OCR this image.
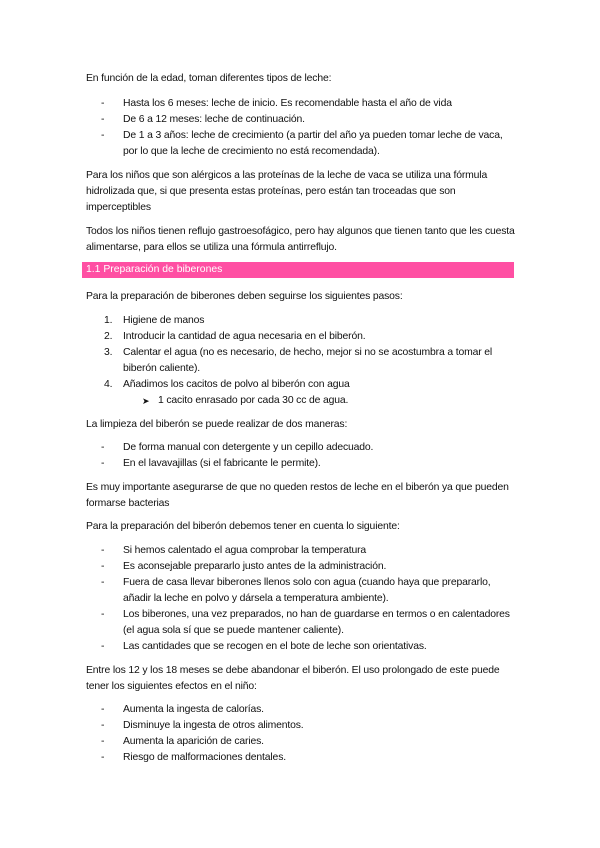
En función de la edad, toman diferentes tipos de leche:

- Hasta los 6 meses: leche de inicio. Es recomendable hasta el año de vida
- De 6 a 12 meses: leche de continuación.
- De 1 a 3 años: leche de crecimiento (a partir del año ya pueden tomar leche de vaca, por lo que la leche de crecimiento no está recomendada).

Para los niños que son alérgicos a las proteínas de la leche de vaca se utiliza una fórmula hidrolizada que, si que presenta estas proteínas, pero están tan troceadas que son imperceptibles

Todos los niños tienen reflujo gastroesofágico, pero hay algunos que tienen tanto que les cuesta alimentarse, para ellos se utiliza una fórmula antirreflujo.

1.1 Preparación de biberones

Para la preparación de biberones deben seguirse los siguientes pasos:

1. Higiene de manos
2. Introducir la cantidad de agua necesaria en el biberón.
3. Calentar el agua (no es necesario, de hecho, mejor si no se acostumbra a tomar el biberón caliente).
4. Añadimos los cacitos de polvo al biberón con agua
➤ 1 cacito enrasado por cada 30 cc de agua.

La limpieza del biberón se puede realizar de dos maneras:

- De forma manual con detergente y un cepillo adecuado.
- En el lavavajillas (si el fabricante le permite).

Es muy importante asegurarse de que no queden restos de leche en el biberón ya que pueden formarse bacterias

Para la preparación del biberón debemos tener en cuenta lo siguiente:

- Si hemos calentado el agua comprobar la temperatura
- Es aconsejable prepararlo justo antes de la administración.
- Fuera de casa llevar biberones llenos solo con agua (cuando haya que prepararlo, añadir la leche en polvo y dársela a temperatura ambiente).
- Los biberones, una vez preparados, no han de guardarse en termos o en calentadores (el agua sola sí que se puede mantener caliente).
- Las cantidades que se recogen en el bote de leche son orientativas.

Entre los 12 y los 18 meses se debe abandonar el biberón. El uso prolongado de este puede tener los siguientes efectos en el niño:

- Aumenta la ingesta de calorías.
- Disminuye la ingesta de otros alimentos.
- Aumenta la aparición de caries.
- Riesgo de malformaciones dentales.
